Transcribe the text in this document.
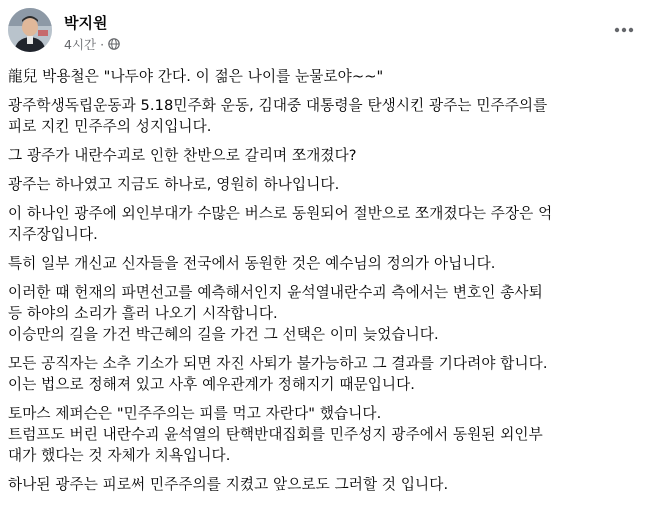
박지원
4시간 ·

龍兒 박용철은 "나두야 간다. 이 젊은 나이를 눈물로야~~"

광주학생독립운동과 5.18민주화 운동, 김대중 대통령을 탄생시킨 광주는 민주주의를

피로 지킨 민주주의 성지입니다.

그 광주가 내란수괴로 인한 찬반으로 갈리며 쪼개졌다?

광주는 하나였고 지금도 하나로, 영원히 하나입니다.

이 하나인 광주에 외인부대가 수많은 버스로 동원되어 절반으로 쪼개졌다는 주장은 억

지주장입니다.

특히 일부 개신교 신자들을 전국에서 동원한 것은 예수님의 정의가 아닙니다.

이러한 때 헌재의 파면선고를 예측해서인지 윤석열내란수괴 측에서는 변호인 총사퇴

등 하야의 소리가 흘러 나오기 시작합니다.

이승만의 길을 가건 박근혜의 길을 가건 그 선택은 이미 늦었습니다.

모든 공직자는 소추 기소가 되면 자진 사퇴가 불가능하고 그 결과를 기다려야 합니다.

이는 법으로 정해져 있고 사후 예우관계가 정해지기 때문입니다.

토마스 제퍼슨은 "민주주의는 피를 먹고 자란다" 했습니다.

트럼프도 버린 내란수괴 윤석열의 탄핵반대집회를 민주성지 광주에서 동원된 외인부

대가 했다는 것 자체가 치욕입니다.

하나된 광주는 피로써 민주주의를 지켰고 앞으로도 그러할 것 입니다.
